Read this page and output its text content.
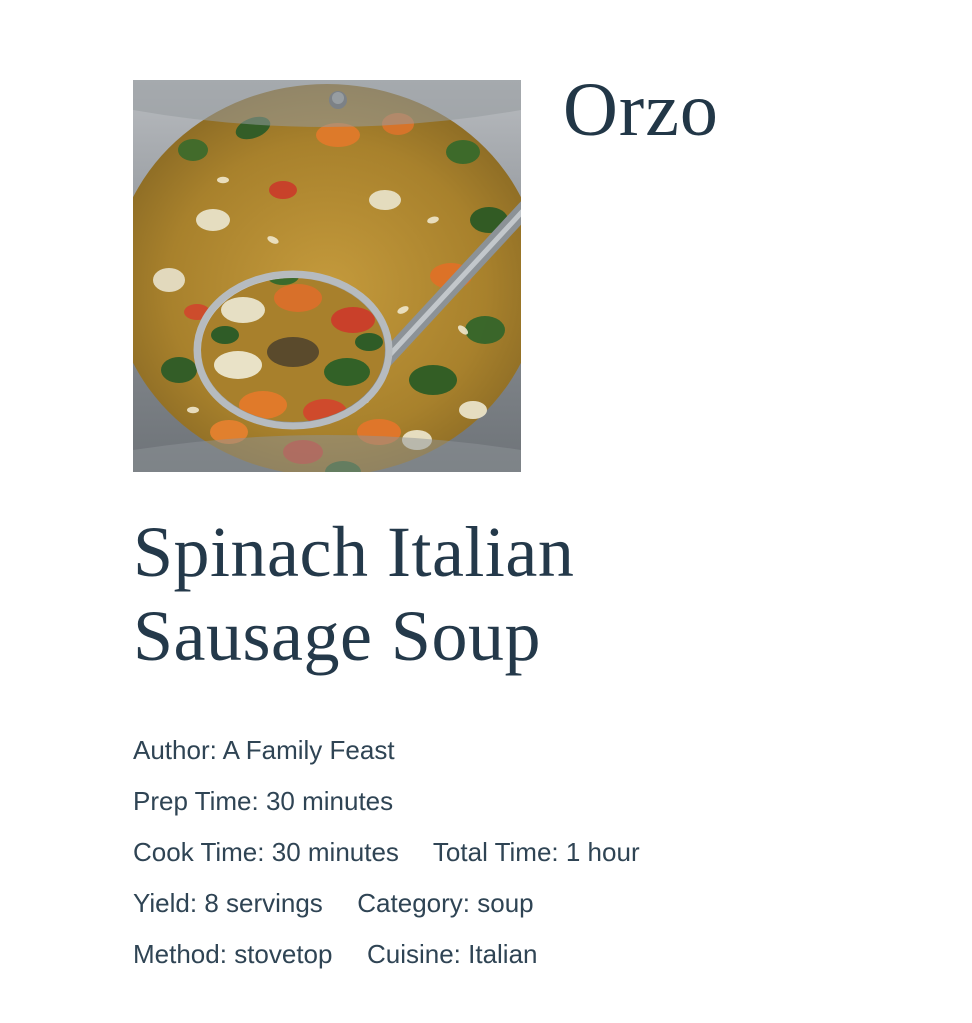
Orzo
Spinach Italian
Sausage Soup
Author: A Family Feast
Prep Time: 30 minutes
Cook Time: 30 minutes Total Time: 1 hour
Yield: 8 servings Category: soup
Method: stovetop Cuisine: Italian
